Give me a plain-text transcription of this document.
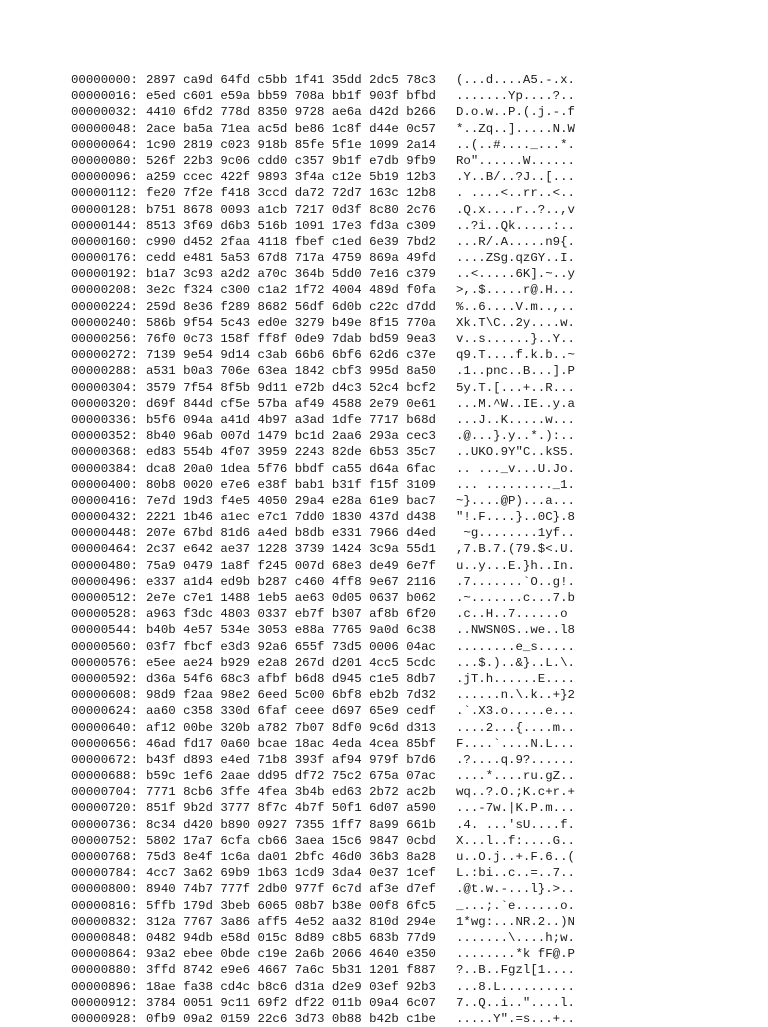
00000000: 2897 ca9d 64fd c5bb 1f41 35dd 2dc5 78c3	(...d....A5.-.x.
00000016: e5ed c601 e59a bb59 708a bb1f 903f bfbd	.......Yp....?..
00000032: 4410 6fd2 778d 8350 9728 ae6a d42d b266	D.o.w..P.(.j.-.f
00000048: 2ace ba5a 71ea ac5d be86 1c8f d44e 0c57	*..Zq..].....N.W
00000064: 1c90 2819 c023 918b 85fe 5f1e 1099 2a14	..(..#...._...*.
00000080: 526f 22b3 9c06 cdd0 c357 9b1f e7db 9fb9	Ro"......W......
00000096: a259 ccec 422f 9893 3f4a c12e 5b19 12b3	.Y..B/..?J..[...
00000112: fe20 7f2e f418 3ccd da72 72d7 163c 12b8	. ....<..rr..<..
00000128: b751 8678 0093 a1cb 7217 0d3f 8c80 2c76	.Q.x....r..?..,v
00000144: 8513 3f69 d6b3 516b 1091 17e3 fd3a c309	..?i..Qk.....:..
00000160: c990 d452 2faa 4118 fbef c1ed 6e39 7bd2	...R/.A.....n9{.
00000176: cedd e481 5a53 67d8 717a 4759 869a 49fd	....ZSg.qzGY..I.
00000192: b1a7 3c93 a2d2 a70c 364b 5dd0 7e16 c379	..<.....6K].~..y
00000208: 3e2c f324 c300 c1a2 1f72 4004 489d f0fa	>,.$.....r@.H...
00000224: 259d 8e36 f289 8682 56df 6d0b c22c d7dd	%..6....V.m..,..
00000240: 586b 9f54 5c43 ed0e 3279 b49e 8f15 770a	Xk.T\C..2y....w.
00000256: 76f0 0c73 158f ff8f 0de9 7dab bd59 9ea3	v..s......}..Y..
00000272: 7139 9e54 9d14 c3ab 66b6 6bf6 62d6 c37e	q9.T....f.k.b..~
00000288: a531 b0a3 706e 63ea 1842 cbf3 995d 8a50	.1..pnc..B...].P
00000304: 3579 7f54 8f5b 9d11 e72b d4c3 52c4 bcf2	5y.T.[...+..R...
00000320: d69f 844d cf5e 57ba af49 4588 2e79 0e61	...M.^W..IE..y.a
00000336: b5f6 094a a41d 4b97 a3ad 1dfe 7717 b68d	...J..K.....w...
00000352: 8b40 96ab 007d 1479 bc1d 2aa6 293a cec3	.@...}.y..*.):..
00000368: ed83 554b 4f07 3959 2243 82de 6b53 35c7	..UKO.9Y"C..kS5.
00000384: dca8 20a0 1dea 5f76 bbdf ca55 d64a 6fac	.. ..._v...U.Jo.
00000400: 80b8 0020 e7e6 e38f bab1 b31f f15f 3109	... ........._1.
00000416: 7e7d 19d3 f4e5 4050 29a4 e28a 61e9 bac7	~}....@P)...a...
00000432: 2221 1b46 a1ec e7c1 7dd0 1830 437d d438	"!.F....}..0C}.8
00000448: 207e 67bd 81d6 a4ed b8db e331 7966 d4ed	~g........1yf..
00000464: 2c37 e642 ae37 1228 3739 1424 3c9a 55d1	,7.B.7.(79.$<.U.
00000480: 75a9 0479 1a8f f245 007d 68e3 de49 6e7f	u..y...E.}h..In.
00000496: e337 a1d4 ed9b b287 c460 4ff8 9e67 2116	.7.......`O..g!.
00000512: 2e7e c7e1 1488 1eb5 ae63 0d05 0637 b062	.~.......c...7.b
00000528: a963 f3dc 4803 0337 eb7f b307 af8b 6f20	.c..H..7......o
00000544: b40b 4e57 534e 3053 e88a 7765 9a0d 6c38	..NWSN0S..we..l8
00000560: 03f7 fbcf e3d3 92a6 655f 73d5 0006 04ac	........e_s.....
00000576: e5ee ae24 b929 e2a8 267d d201 4cc5 5cdc	...$.)..&}..L.\.
00000592: d36a 54f6 68c3 afbf b6d8 d945 c1e5 8db7	.jT.h......E....
00000608: 98d9 f2aa 98e2 6eed 5c00 6bf8 eb2b 7d32	......n.\.k..+}2
00000624: aa60 c358 330d 6faf ceee d697 65e9 cedf	.`.X3.o.....e...
00000640: af12 00be 320b a782 7b07 8df0 9c6d d313	....2...{....m..
00000656: 46ad fd17 0a60 bcae 18ac 4eda 4cea 85bf	F....`....N.L...
00000672: b43f d893 e4ed 71b8 393f af94 979f b7d6	.?....q.9?......
00000688: b59c 1ef6 2aae dd95 df72 75c2 675a 07ac	....*....ru.gZ..
00000704: 7771 8cb6 3ffe 4fea 3b4b ed63 2b72 ac2b	wq..?.O.;K.c+r.+
00000720: 851f 9b2d 3777 8f7c 4b7f 50f1 6d07 a590	...-7w.|K.P.m...
00000736: 8c34 d420 b890 0927 7355 1ff7 8a99 661b	.4. ...'sU....f.
00000752: 5802 17a7 6cfa cb66 3aea 15c6 9847 0cbd	X...l..f:....G..
00000768: 75d3 8e4f 1c6a da01 2bfc 46d0 36b3 8a28	u..O.j..+.F.6..(
00000784: 4cc7 3a62 69b9 1b63 1cd9 3da4 0e37 1cef	L.:bi..c..=..7..
00000800: 8940 74b7 777f 2db0 977f 6c7d af3e d7ef	.@t.w.-...l}.>..
00000816: 5ffb 179d 3beb 6065 08b7 b38e 00f8 6fc5	_...;.`e......o.
00000832: 312a 7767 3a86 aff5 4e52 aa32 810d 294e	1*wg:...NR.2..)N
00000848: 0482 94db e58d 015c 8d89 c8b5 683b 77d9	.......\....h;w.
00000864: 93a2 ebee 0bde c19e 2a6b 2066 4640 e350	........*k fF@.P
00000880: 3ffd 8742 e9e6 4667 7a6c 5b31 1201 f887	?..B..Fgzl[1....
00000896: 18ae fa38 cd4c b8c6 d31a d2e9 03ef 92b3	...8.L..........
00000912: 3784 0051 9c11 69f2 df22 011b 09a4 6c07	7..Q..i.."....l.
00000928: 0fb9 09a2 0159 22c6 3d73 0b88 b42b c1be	.....Y".=s...+..
